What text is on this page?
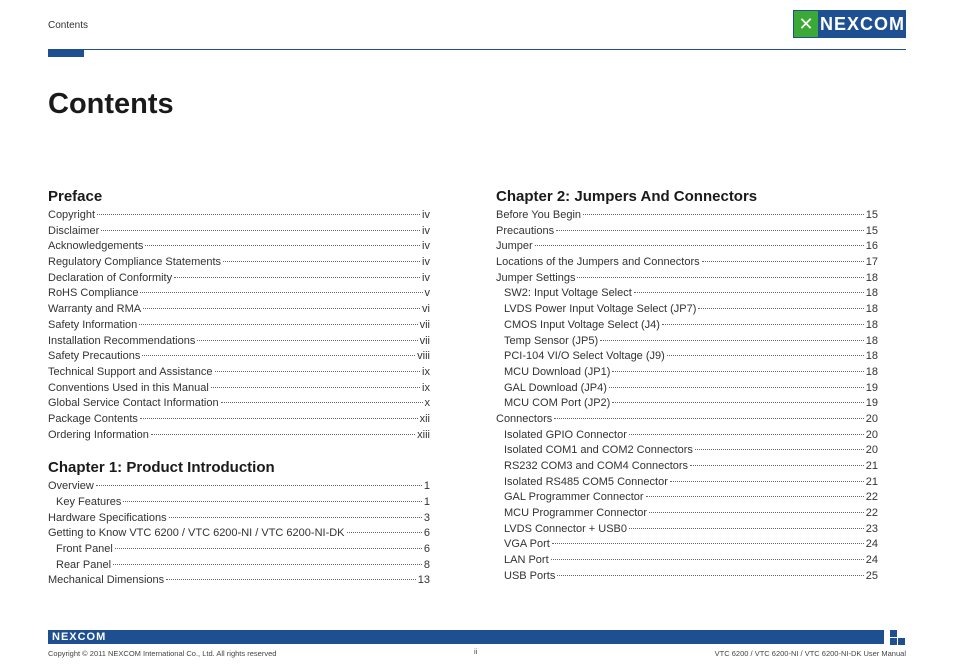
Contents	✕ NEXCOM
Contents
Preface
Copyright	iv
Disclaimer	iv
Acknowledgements	iv
Regulatory Compliance Statements	iv
Declaration of Conformity	iv
RoHS Compliance	v
Warranty and RMA	vi
Safety Information	vii
Installation Recommendations	vii
Safety Precautions	viii
Technical Support and Assistance	ix
Conventions Used in this Manual	ix
Global Service Contact Information	x
Package Contents	xii
Ordering Information	xiii
Chapter 1: Product Introduction
Overview	1
Key Features	1
Hardware Specifications	3
Getting to Know VTC 6200 / VTC 6200-NI / VTC 6200-NI-DK	6
Front Panel	6
Rear Panel	8
Mechanical Dimensions	13
Chapter 2: Jumpers And Connectors
Before You Begin	15
Precautions	15
Jumper	16
Locations of the Jumpers and Connectors	17
Jumper Settings	18
SW2: Input Voltage Select	18
LVDS Power Input Voltage Select (JP7)	18
CMOS Input Voltage Select (J4)	18
Temp Sensor (JP5)	18
PCI-104 VI/O Select Voltage (J9)	18
MCU Download (JP1)	18
GAL Download (JP4)	19
MCU COM Port (JP2)	19
Connectors	20
Isolated GPIO Connector	20
Isolated COM1 and COM2 Connectors	20
RS232 COM3 and COM4 Connectors	21
Isolated RS485 COM5 Connector	21
GAL Programmer Connector	22
MCU Programmer Connector	22
LVDS Connector + USB0	23
VGA Port	24
LAN Port	24
USB Ports	25
NEXCOM
Copyright © 2011 NEXCOM International Co., Ltd. All rights reserved	ii	VTC 6200 / VTC 6200-NI / VTC 6200-NI-DK User Manual
